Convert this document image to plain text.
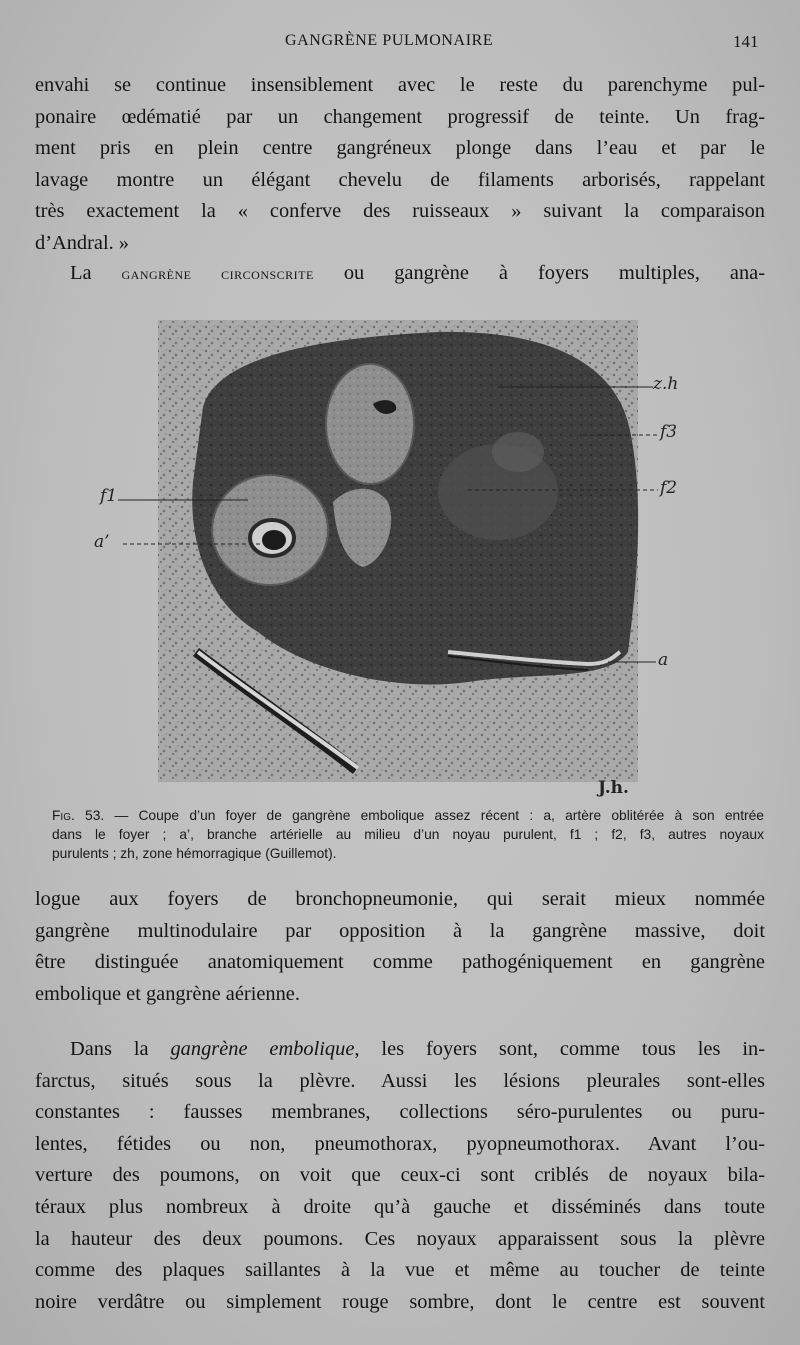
GANGRÈNE PULMONAIRE	141

envahi se continue insensiblement avec le reste du parenchyme pul-
ponaire œdématié par un changement progressif de teinte. Un frag-
ment pris en plein centre gangréneux plonge dans l’eau et par le
lavage montre un élégant chevelu de filaments arborisés, rappelant
très exactement la « conferve des ruisseaux » suivant la comparaison
d’Andral. »

La gangrène circonscrite ou gangrène à foyers multiples, ana-

z.h
f3
f2
f1
a’
a
J.h.
Fig. 53. — Coupe d’un foyer de gangrène embolique assez récent : a, artère oblitérée à son entrée
dans le foyer ; a’, branche artérielle au milieu d’un noyau purulent, f1 ; f2, f3, autres noyaux
purulents ; zh, zone hémorragique (Guillemot).

logue aux foyers de bronchopneumonie, qui serait mieux nommée
gangrène multinodulaire par opposition à la gangrène massive, doit
être distinguée anatomiquement comme pathogéniquement en gangrène
embolique et gangrène aérienne.

Dans la gangrène embolique, les foyers sont, comme tous les in-
farctus, situés sous la plèvre. Aussi les lésions pleurales sont-elles
constantes : fausses membranes, collections séro-purulentes ou puru-
lentes, fétides ou non, pneumothorax, pyopneumothorax. Avant l’ou-
verture des poumons, on voit que ceux-ci sont criblés de noyaux bila-
téraux plus nombreux à droite qu’à gauche et disséminés dans toute
la hauteur des deux poumons. Ces noyaux apparaissent sous la plèvre
comme des plaques saillantes à la vue et même au toucher de teinte
noire verdâtre ou simplement rouge sombre, dont le centre est souvent
